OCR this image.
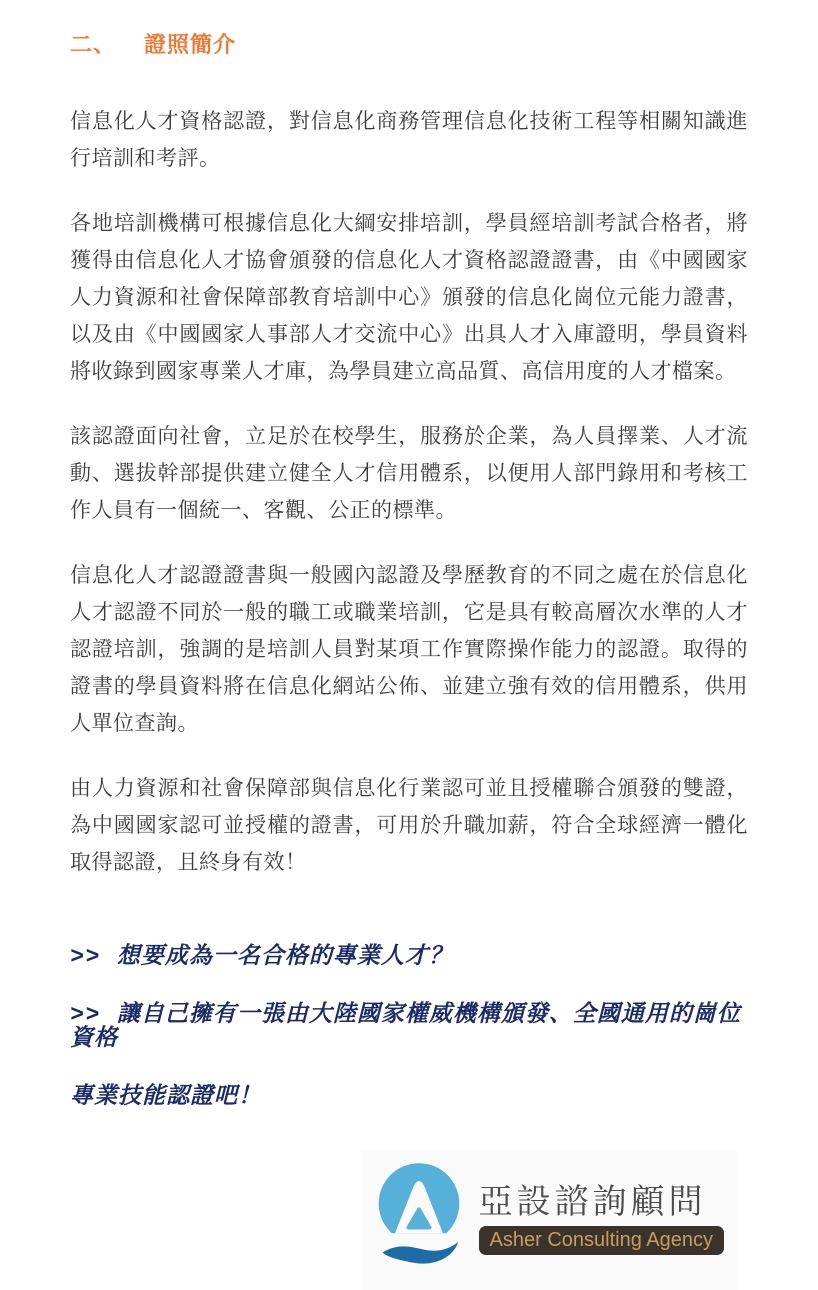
二、 證照簡介

信息化人才資格認證，對信息化商務管理信息化技術工程等相關知識進行培訓和考評。

各地培訓機構可根據信息化大綱安排培訓，學員經培訓考試合格者，將獲得由信息化人才協會頒發的信息化人才資格認證證書，由《中國國家人力資源和社會保障部教育培訓中心》頒發的信息化崗位元能力證書，以及由《中國國家人事部人才交流中心》出具人才入庫證明，學員資料將收錄到國家專業人才庫，為學員建立高品質、高信用度的人才檔案。

該認證面向社會，立足於在校學生，服務於企業，為人員擇業、人才流動、選拔幹部提供建立健全人才信用體系，以便用人部門錄用和考核工作人員有一個統一、客觀、公正的標準。

信息化人才認證證書與一般國內認證及學歷教育的不同之處在於信息化人才認證不同於一般的職工或職業培訓，它是具有較高層次水準的人才認證培訓，強調的是培訓人員對某項工作實際操作能力的認證。取得的證書的學員資料將在信息化網站公佈、並建立強有效的信用體系，供用人單位查詢。

由人力資源和社會保障部與信息化行業認可並且授權聯合頒發的雙證，為中國國家認可並授權的證書，可用於升職加薪，符合全球經濟一體化取得認證，且終身有效！

>> 想要成為一名合格的專業人才？

>> 讓自己擁有一張由大陸國家權威機構頒發、全國通用的崗位資格

專業技能認證吧！

亞設諮詢顧問
Asher Consulting Agency
